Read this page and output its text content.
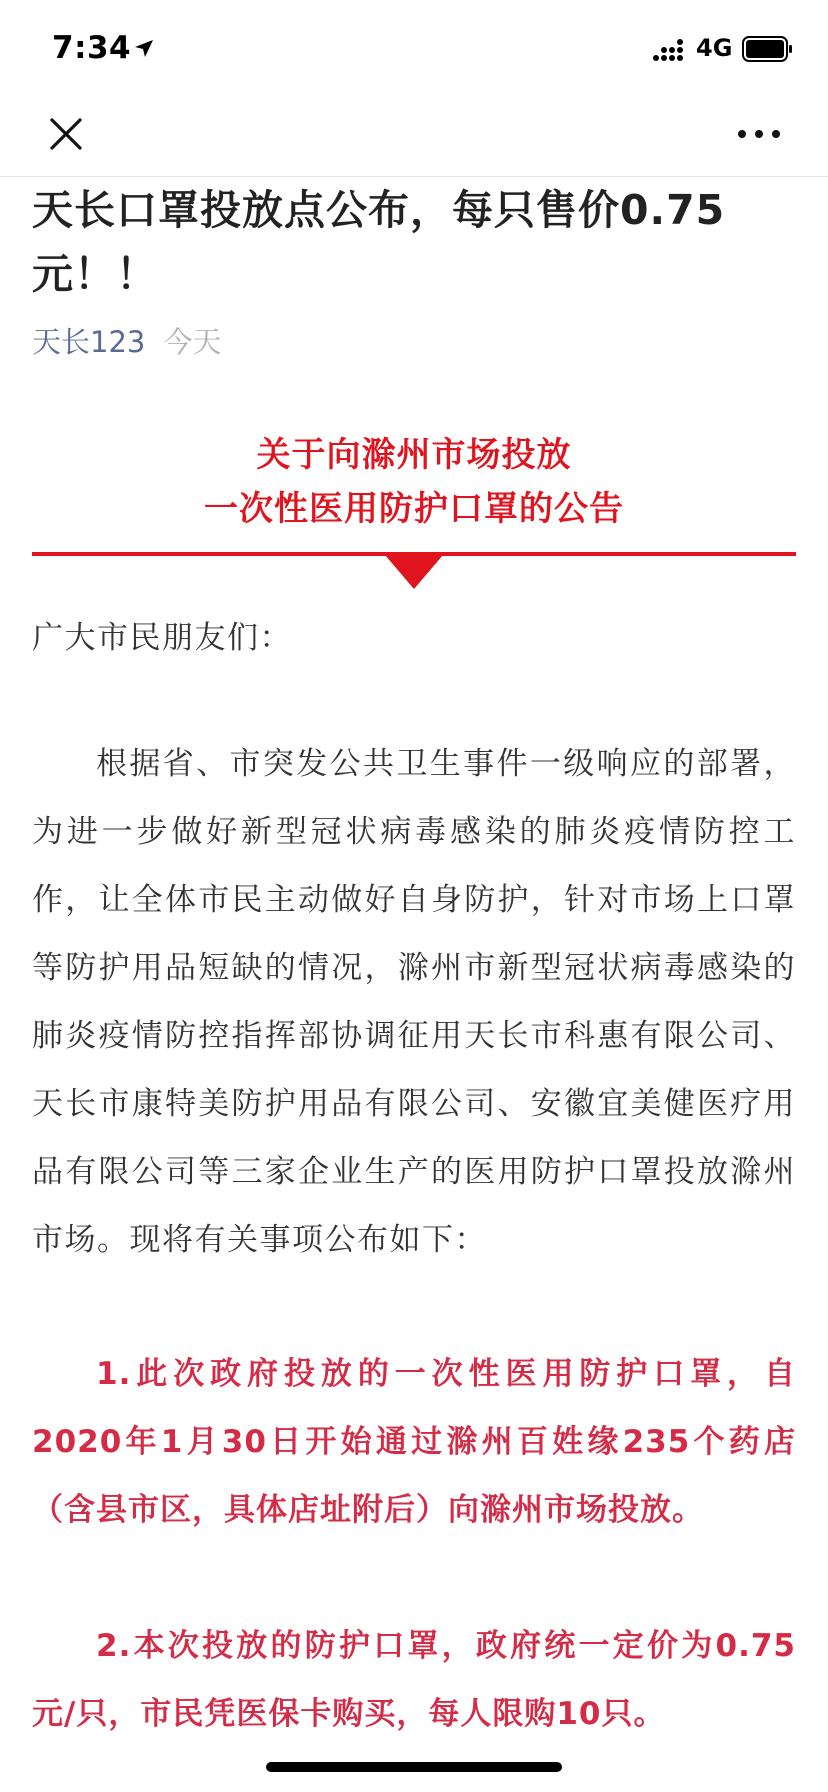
7:34	4G
天长口罩投放点公布，每只售价0.75元！！
天长123 今天
关于向滁州市场投放
一次性医用防护口罩的公告
广大市民朋友们：
根据省、市突发公共卫生事件一级响应的部署，为进一步做好新型冠状病毒感染的肺炎疫情防控工作，让全体市民主动做好自身防护，针对市场上口罩等防护用品短缺的情况，滁州市新型冠状病毒感染的肺炎疫情防控指挥部协调征用天长市科惠有限公司、天长市康特美防护用品有限公司、安徽宜美健医疗用品有限公司等三家企业生产的医用防护口罩投放滁州市场。现将有关事项公布如下：
1.此次政府投放的一次性医用防护口罩，自2020年1月30日开始通过滁州百姓缘235个药店（含县市区，具体店址附后）向滁州市场投放。
2.本次投放的防护口罩，政府统一定价为0.75元/只，市民凭医保卡购买，每人限购10只。
